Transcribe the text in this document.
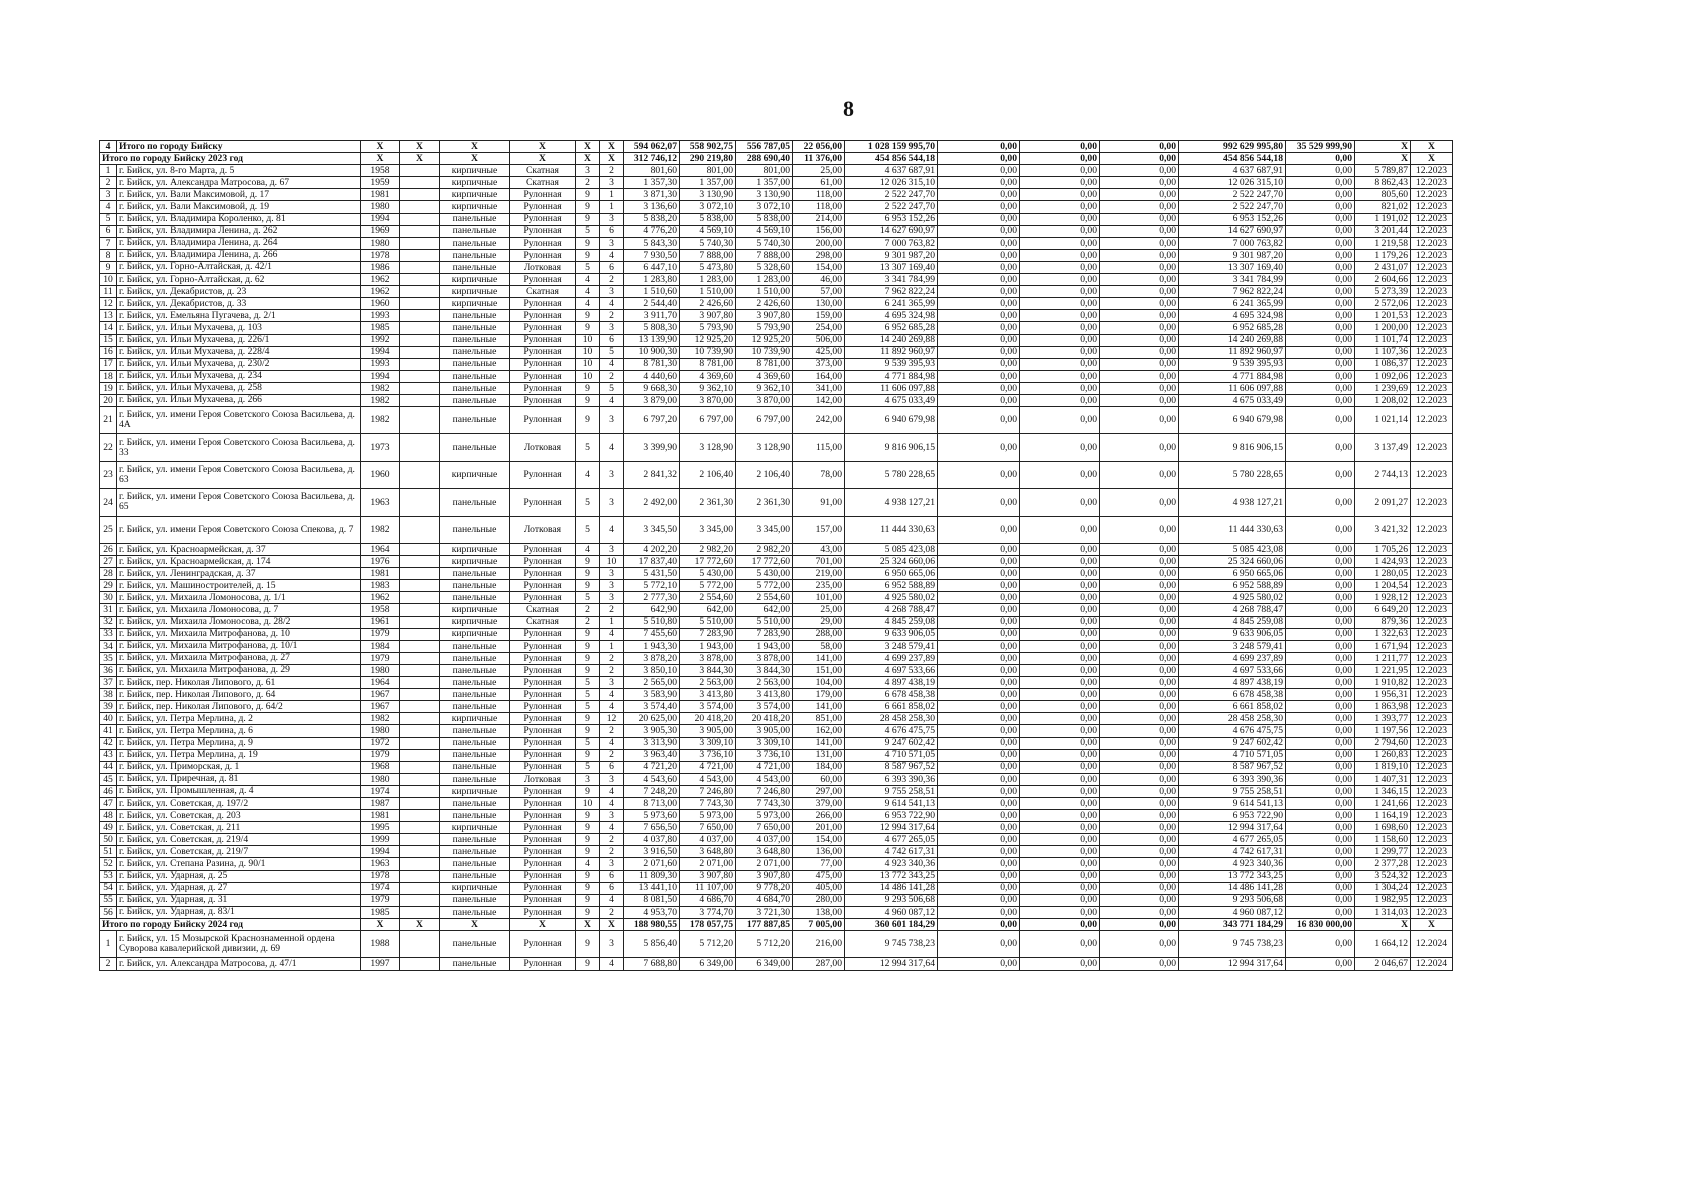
8
4	Итого по городу Бийску	X	X	X	X	X	X	594 062,07	558 902,75	556 787,05	22 056,00	1 028 159 995,70	0,00	0,00	0,00	992 629 995,80	35 529 999,90	X	X
Итого по городу Бийску 2023 год		X	X	X	X	X	X	312 746,12	290 219,80	288 690,40	11 376,00	454 856 544,18	0,00	0,00	0,00	454 856 544,18	0,00	X	X
1	г. Бийск, ул. 8-го Марта, д. 5	1958		кирпичные	Скатная	3	2	801,60	801,00	801,00	25,00	4 637 687,91	0,00	0,00	0,00	4 637 687,91	0,00	5 789,87	12.2023
2	г. Бийск, ул. Александра Матросова, д. 67	1959		кирпичные	Скатная	2	3	1 357,30	1 357,00	1 357,00	61,00	12 026 315,10	0,00	0,00	0,00	12 026 315,10	0,00	8 862,43	12.2023
3	г. Бийск, ул. Вали Максимовой, д. 17	1981		кирпичные	Рулонная	9	1	3 871,30	3 130,90	3 130,90	118,00	2 522 247,70	0,00	0,00	0,00	2 522 247,70	0,00	805,60	12.2023
4	г. Бийск, ул. Вали Максимовой, д. 19	1980		кирпичные	Рулонная	9	1	3 136,60	3 072,10	3 072,10	118,00	2 522 247,70	0,00	0,00	0,00	2 522 247,70	0,00	821,02	12.2023
5	г. Бийск, ул. Владимира Короленко, д. 81	1994		панельные	Рулонная	9	3	5 838,20	5 838,00	5 838,00	214,00	6 953 152,26	0,00	0,00	0,00	6 953 152,26	0,00	1 191,02	12.2023
6	г. Бийск, ул. Владимира Ленина, д. 262	1969		панельные	Рулонная	5	6	4 776,20	4 569,10	4 569,10	156,00	14 627 690,97	0,00	0,00	0,00	14 627 690,97	0,00	3 201,44	12.2023
7	г. Бийск, ул. Владимира Ленина, д. 264	1980		панельные	Рулонная	9	3	5 843,30	5 740,30	5 740,30	200,00	7 000 763,82	0,00	0,00	0,00	7 000 763,82	0,00	1 219,58	12.2023
8	г. Бийск, ул. Владимира Ленина, д. 266	1978		панельные	Рулонная	9	4	7 930,50	7 888,00	7 888,00	298,00	9 301 987,20	0,00	0,00	0,00	9 301 987,20	0,00	1 179,26	12.2023
9	г. Бийск, ул. Горно-Алтайская, д. 42/1	1986		панельные	Лотковая	5	6	6 447,10	5 473,80	5 328,60	154,00	13 307 169,40	0,00	0,00	0,00	13 307 169,40	0,00	2 431,07	12.2023
10	г. Бийск, ул. Горно-Алтайская, д. 62	1962		кирпичные	Рулонная	4	2	1 283,80	1 283,00	1 283,00	46,00	3 341 784,99	0,00	0,00	0,00	3 341 784,99	0,00	2 604,66	12.2023
11	г. Бийск, ул. Декабристов, д. 23	1962		кирпичные	Скатная	4	3	1 510,60	1 510,00	1 510,00	57,00	7 962 822,24	0,00	0,00	0,00	7 962 822,24	0,00	5 273,39	12.2023
12	г. Бийск, ул. Декабристов, д. 33	1960		кирпичные	Рулонная	4	4	2 544,40	2 426,60	2 426,60	130,00	6 241 365,99	0,00	0,00	0,00	6 241 365,99	0,00	2 572,06	12.2023
13	г. Бийск, ул. Емельяна Пугачева, д. 2/1	1993		панельные	Рулонная	9	2	3 911,70	3 907,80	3 907,80	159,00	4 695 324,98	0,00	0,00	0,00	4 695 324,98	0,00	1 201,53	12.2023
14	г. Бийск, ул. Ильи Мухачева, д. 103	1985		панельные	Рулонная	9	3	5 808,30	5 793,90	5 793,90	254,00	6 952 685,28	0,00	0,00	0,00	6 952 685,28	0,00	1 200,00	12.2023
15	г. Бийск, ул. Ильи Мухачева, д. 226/1	1992		панельные	Рулонная	10	6	13 139,90	12 925,20	12 925,20	506,00	14 240 269,88	0,00	0,00	0,00	14 240 269,88	0,00	1 101,74	12.2023
16	г. Бийск, ул. Ильи Мухачева, д. 228/4	1994		панельные	Рулонная	10	5	10 900,30	10 739,90	10 739,90	425,00	11 892 960,97	0,00	0,00	0,00	11 892 960,97	0,00	1 107,36	12.2023
17	г. Бийск, ул. Ильи Мухачева, д. 230/2	1993		панельные	Рулонная	10	4	8 781,30	8 781,00	8 781,00	373,00	9 539 395,93	0,00	0,00	0,00	9 539 395,93	0,00	1 086,37	12.2023
18	г. Бийск, ул. Ильи Мухачева, д. 234	1994		панельные	Рулонная	10	2	4 440,60	4 369,60	4 369,60	164,00	4 771 884,98	0,00	0,00	0,00	4 771 884,98	0,00	1 092,06	12.2023
19	г. Бийск, ул. Ильи Мухачева, д. 258	1982		панельные	Рулонная	9	5	9 668,30	9 362,10	9 362,10	341,00	11 606 097,88	0,00	0,00	0,00	11 606 097,88	0,00	1 239,69	12.2023
20	г. Бийск, ул. Ильи Мухачева, д. 266	1982		панельные	Рулонная	9	4	3 879,00	3 870,00	3 870,00	142,00	4 675 033,49	0,00	0,00	0,00	4 675 033,49	0,00	1 208,02	12.2023
21	г. Бийск, ул. имени Героя Советского Союза Васильева, д. 4А	1982		панельные	Рулонная	9	3	6 797,20	6 797,00	6 797,00	242,00	6 940 679,98	0,00	0,00	0,00	6 940 679,98	0,00	1 021,14	12.2023
22	г. Бийск, ул. имени Героя Советского Союза Васильева, д. 33	1973		панельные	Лотковая	5	4	3 399,90	3 128,90	3 128,90	115,00	9 816 906,15	0,00	0,00	0,00	9 816 906,15	0,00	3 137,49	12.2023
23	г. Бийск, ул. имени Героя Советского Союза Васильева, д. 63	1960		кирпичные	Рулонная	4	3	2 841,32	2 106,40	2 106,40	78,00	5 780 228,65	0,00	0,00	0,00	5 780 228,65	0,00	2 744,13	12.2023
24	г. Бийск, ул. имени Героя Советского Союза Васильева, д. 65	1963		панельные	Рулонная	5	3	2 492,00	2 361,30	2 361,30	91,00	4 938 127,21	0,00	0,00	0,00	4 938 127,21	0,00	2 091,27	12.2023
25	г. Бийск, ул. имени Героя Советского Союза Спекова, д. 7	1982		панельные	Лотковая	5	4	3 345,50	3 345,00	3 345,00	157,00	11 444 330,63	0,00	0,00	0,00	11 444 330,63	0,00	3 421,32	12.2023
26	г. Бийск, ул. Красноармейская, д. 37	1964		кирпичные	Рулонная	4	3	4 202,20	2 982,20	2 982,20	43,00	5 085 423,08	0,00	0,00	0,00	5 085 423,08	0,00	1 705,26	12.2023
27	г. Бийск, ул. Красноармейская, д. 174	1976		кирпичные	Рулонная	9	10	17 837,40	17 772,60	17 772,60	701,00	25 324 660,06	0,00	0,00	0,00	25 324 660,06	0,00	1 424,93	12.2023
28	г. Бийск, ул. Ленинградская, д. 37	1981		панельные	Рулонная	9	3	5 431,50	5 430,00	5 430,00	219,00	6 950 665,06	0,00	0,00	0,00	6 950 665,06	0,00	1 280,05	12.2023
29	г. Бийск, ул. Машиностроителей, д. 15	1983		панельные	Рулонная	9	3	5 772,10	5 772,00	5 772,00	235,00	6 952 588,89	0,00	0,00	0,00	6 952 588,89	0,00	1 204,54	12.2023
30	г. Бийск, ул. Михаила Ломоносова, д. 1/1	1962		панельные	Рулонная	5	3	2 777,30	2 554,60	2 554,60	101,00	4 925 580,02	0,00	0,00	0,00	4 925 580,02	0,00	1 928,12	12.2023
31	г. Бийск, ул. Михаила Ломоносова, д. 7	1958		кирпичные	Скатная	2	2	642,90	642,00	642,00	25,00	4 268 788,47	0,00	0,00	0,00	4 268 788,47	0,00	6 649,20	12.2023
32	г. Бийск, ул. Михаила Ломоносова, д. 28/2	1961		кирпичные	Скатная	2	1	5 510,80	5 510,00	5 510,00	29,00	4 845 259,08	0,00	0,00	0,00	4 845 259,08	0,00	879,36	12.2023
33	г. Бийск, ул. Михаила Митрофанова, д. 10	1979		кирпичные	Рулонная	9	4	7 455,60	7 283,90	7 283,90	288,00	9 633 906,05	0,00	0,00	0,00	9 633 906,05	0,00	1 322,63	12.2023
34	г. Бийск, ул. Михаила Митрофанова, д. 10/1	1984		панельные	Рулонная	9	1	1 943,30	1 943,00	1 943,00	58,00	3 248 579,41	0,00	0,00	0,00	3 248 579,41	0,00	1 671,94	12.2023
35	г. Бийск, ул. Михаила Митрофанова, д. 27	1979		панельные	Рулонная	9	2	3 878,20	3 878,00	3 878,00	141,00	4 699 237,89	0,00	0,00	0,00	4 699 237,89	0,00	1 211,77	12.2023
36	г. Бийск, ул. Михаила Митрофанова, д. 29	1980		панельные	Рулонная	9	2	3 850,10	3 844,30	3 844,30	151,00	4 697 533,66	0,00	0,00	0,00	4 697 533,66	0,00	1 221,95	12.2023
37	г. Бийск, пер. Николая Липового, д. 61	1964		панельные	Рулонная	5	3	2 565,00	2 563,00	2 563,00	104,00	4 897 438,19	0,00	0,00	0,00	4 897 438,19	0,00	1 910,82	12.2023
38	г. Бийск, пер. Николая Липового, д. 64	1967		панельные	Рулонная	5	4	3 583,90	3 413,80	3 413,80	179,00	6 678 458,38	0,00	0,00	0,00	6 678 458,38	0,00	1 956,31	12.2023
39	г. Бийск, пер. Николая Липового, д. 64/2	1967		панельные	Рулонная	5	4	3 574,40	3 574,00	3 574,00	141,00	6 661 858,02	0,00	0,00	0,00	6 661 858,02	0,00	1 863,98	12.2023
40	г. Бийск, ул. Петра Мерлина, д. 2	1982		кирпичные	Рулонная	9	12	20 625,00	20 418,20	20 418,20	851,00	28 458 258,30	0,00	0,00	0,00	28 458 258,30	0,00	1 393,77	12.2023
41	г. Бийск, ул. Петра Мерлина, д. 6	1980		панельные	Рулонная	9	2	3 905,30	3 905,00	3 905,00	162,00	4 676 475,75	0,00	0,00	0,00	4 676 475,75	0,00	1 197,56	12.2023
42	г. Бийск, ул. Петра Мерлина, д. 9	1972		панельные	Рулонная	5	4	3 313,90	3 309,10	3 309,10	141,00	9 247 602,42	0,00	0,00	0,00	9 247 602,42	0,00	2 794,60	12.2023
43	г. Бийск, ул. Петра Мерлина, д. 19	1979		панельные	Рулонная	9	2	3 963,40	3 736,10	3 736,10	131,00	4 710 571,05	0,00	0,00	0,00	4 710 571,05	0,00	1 260,83	12.2023
44	г. Бийск, ул. Приморская, д. 1	1968		панельные	Рулонная	5	6	4 721,20	4 721,00	4 721,00	184,00	8 587 967,52	0,00	0,00	0,00	8 587 967,52	0,00	1 819,10	12.2023
45	г. Бийск, ул. Приречная, д. 81	1980		панельные	Лотковая	3	3	4 543,60	4 543,00	4 543,00	60,00	6 393 390,36	0,00	0,00	0,00	6 393 390,36	0,00	1 407,31	12.2023
46	г. Бийск, ул. Промышленная, д. 4	1974		кирпичные	Рулонная	9	4	7 248,20	7 246,80	7 246,80	297,00	9 755 258,51	0,00	0,00	0,00	9 755 258,51	0,00	1 346,15	12.2023
47	г. Бийск, ул. Советская, д. 197/2	1987		панельные	Рулонная	10	4	8 713,00	7 743,30	7 743,30	379,00	9 614 541,13	0,00	0,00	0,00	9 614 541,13	0,00	1 241,66	12.2023
48	г. Бийск, ул. Советская, д. 203	1981		панельные	Рулонная	9	3	5 973,60	5 973,00	5 973,00	266,00	6 953 722,90	0,00	0,00	0,00	6 953 722,90	0,00	1 164,19	12.2023
49	г. Бийск, ул. Советская, д. 211	1995		кирпичные	Рулонная	9	4	7 656,50	7 650,00	7 650,00	201,00	12 994 317,64	0,00	0,00	0,00	12 994 317,64	0,00	1 698,60	12.2023
50	г. Бийск, ул. Советская, д. 219/4	1999		панельные	Рулонная	9	2	4 037,80	4 037,00	4 037,00	154,00	4 677 265,05	0,00	0,00	0,00	4 677 265,05	0,00	1 158,60	12.2023
51	г. Бийск, ул. Советская, д. 219/7	1994		панельные	Рулонная	9	2	3 916,50	3 648,80	3 648,80	136,00	4 742 617,31	0,00	0,00	0,00	4 742 617,31	0,00	1 299,77	12.2023
52	г. Бийск, ул. Степана Разина, д. 90/1	1963		панельные	Рулонная	4	3	2 071,60	2 071,00	2 071,00	77,00	4 923 340,36	0,00	0,00	0,00	4 923 340,36	0,00	2 377,28	12.2023
53	г. Бийск, ул. Ударная, д. 25	1978		панельные	Рулонная	9	6	11 809,30	3 907,80	3 907,80	475,00	13 772 343,25	0,00	0,00	0,00	13 772 343,25	0,00	3 524,32	12.2023
54	г. Бийск, ул. Ударная, д. 27	1974		кирпичные	Рулонная	9	6	13 441,10	11 107,00	9 778,20	405,00	14 486 141,28	0,00	0,00	0,00	14 486 141,28	0,00	1 304,24	12.2023
55	г. Бийск, ул. Ударная, д. 31	1979		панельные	Рулонная	9	4	8 081,50	4 686,70	4 684,70	280,00	9 293 506,68	0,00	0,00	0,00	9 293 506,68	0,00	1 982,95	12.2023
56	г. Бийск, ул. Ударная, д. 83/1	1985		панельные	Рулонная	9	2	4 953,70	3 774,70	3 721,30	138,00	4 960 087,12	0,00	0,00	0,00	4 960 087,12	0,00	1 314,03	12.2023
Итого по городу Бийску 2024 год		X	X	X	X	X	X	188 980,55	178 057,75	177 887,85	7 005,00	360 601 184,29	0,00	0,00	0,00	343 771 184,29	16 830 000,00	X	X
1	г. Бийск, ул. 15 Мозырской Краснознаменной ордена Суворова кавалерийской дивизии, д. 69	1988		панельные	Рулонная	9	3	5 856,40	5 712,20	5 712,20	216,00	9 745 738,23	0,00	0,00	0,00	9 745 738,23	0,00	1 664,12	12.2024
2	г. Бийск, ул. Александра Матросова, д. 47/1	1997		панельные	Рулонная	9	4	7 688,80	6 349,00	6 349,00	287,00	12 994 317,64	0,00	0,00	0,00	12 994 317,64	0,00	2 046,67	12.2024
